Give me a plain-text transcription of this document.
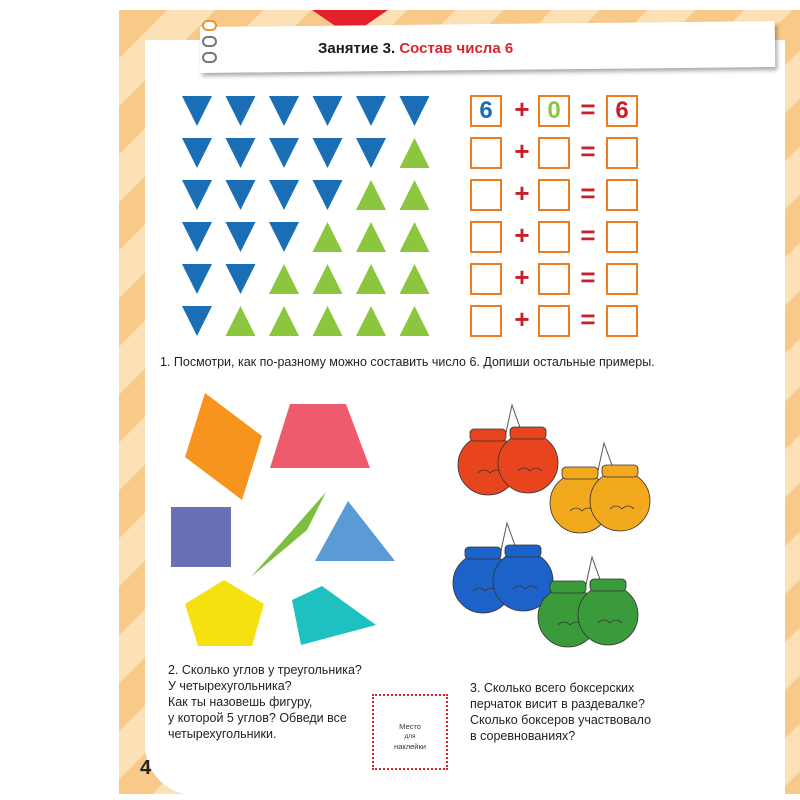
4
Занятие 3. Состав числа 6
6 + 0 = 6
+ =
+ =
+ =
+ =
+ =
1. Посмотри, как по-разному можно составить число 6. Допиши остальные примеры.
2. Сколько углов у треугольника?
У четырехугольника?
Как ты назовешь фигуру,
у которой 5 углов? Обведи все
четырехугольники.
Место
для
наклейки
3. Сколько всего боксерских
перчаток висит в раздевалке?
Сколько боксеров участвовало
в соревнованиях?
